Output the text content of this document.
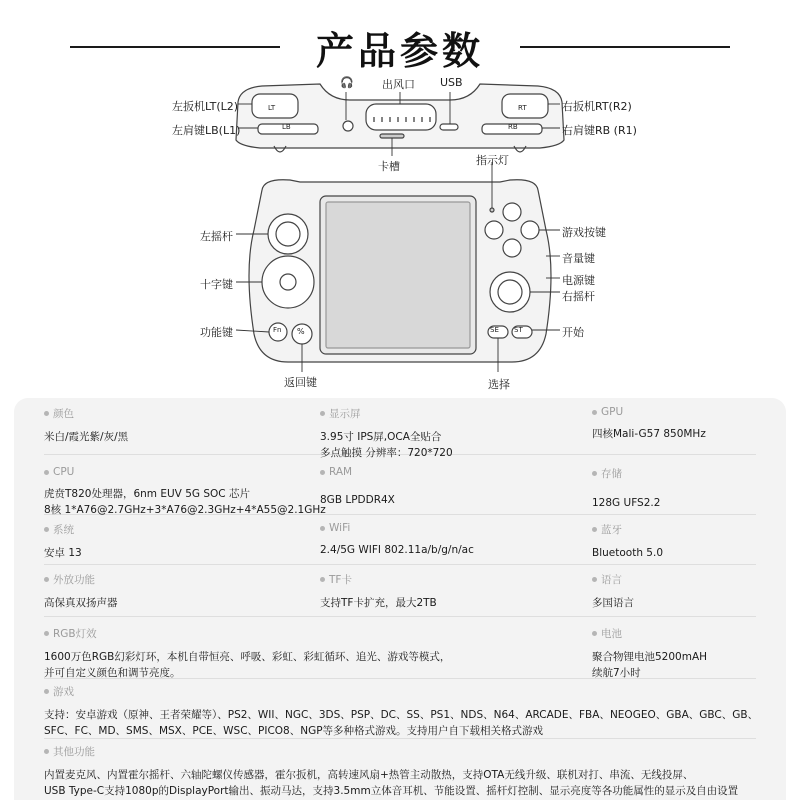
产品参数
LT
LB
RT
RB
SE ST
Fn %
左扳机LT(L2)
左肩键LB(L1)
右扳机RT(R2)
右肩键RB (R1)
🎧	出风口 USB
卡槽	指示灯
左摇杆
十字键
功能键
返回键
游戏按键
音量键
电源键
右摇杆
开始
选择
颜色
米白/霞光紫/灰/黑
显示屏
3.95寸 IPS屏,OCA全贴合
多点触摸 分辨率：720*720
GPU
四核Mali-G57 850MHz
CPU
虎贲T820处理器，6nm EUV 5G SOC 芯片
8核 1*A76@2.7GHz+3*A76@2.3GHz+4*A55@2.1GHz
RAM
8GB LPDDR4X
存储
128G UFS2.2
系统
安卓 13
WiFi
2.4/5G WIFI 802.11a/b/g/n/ac
蓝牙
Bluetooth 5.0
外放功能
高保真双扬声器
TF卡
支持TF卡扩充，最大2TB
语言
多国语言
RGB灯效
1600万色RGB幻彩灯环，本机自带恒亮、呼吸、彩虹、彩虹循环、追光、游戏等模式，
并可自定义颜色和调节亮度。
电池
聚合物锂电池5200mAH
续航7小时
游戏
支持：安卓游戏（原神、王者荣耀等）、PS2、WII、NGC、3DS、PSP、DC、SS、PS1、NDS、N64、ARCADE、FBA、NEOGEO、GBA、GBC、GB、
SFC、FC、MD、SMS、MSX、PCE、WSC、PICO8、NGP等多种格式游戏。支持用户自下载相关格式游戏
其他功能
内置麦克风、内置霍尔摇杆、六轴陀螺仪传感器，霍尔扳机，高转速风扇+热管主动散热，支持OTA无线升级、联机对打、串流、无线投屏、
USB Type-C支持1080p的DisplayPort输出、振动马达，支持3.5mm立体音耳机、节能设置、摇杆灯控制、显示亮度等各功能属性的显示及自由设置
